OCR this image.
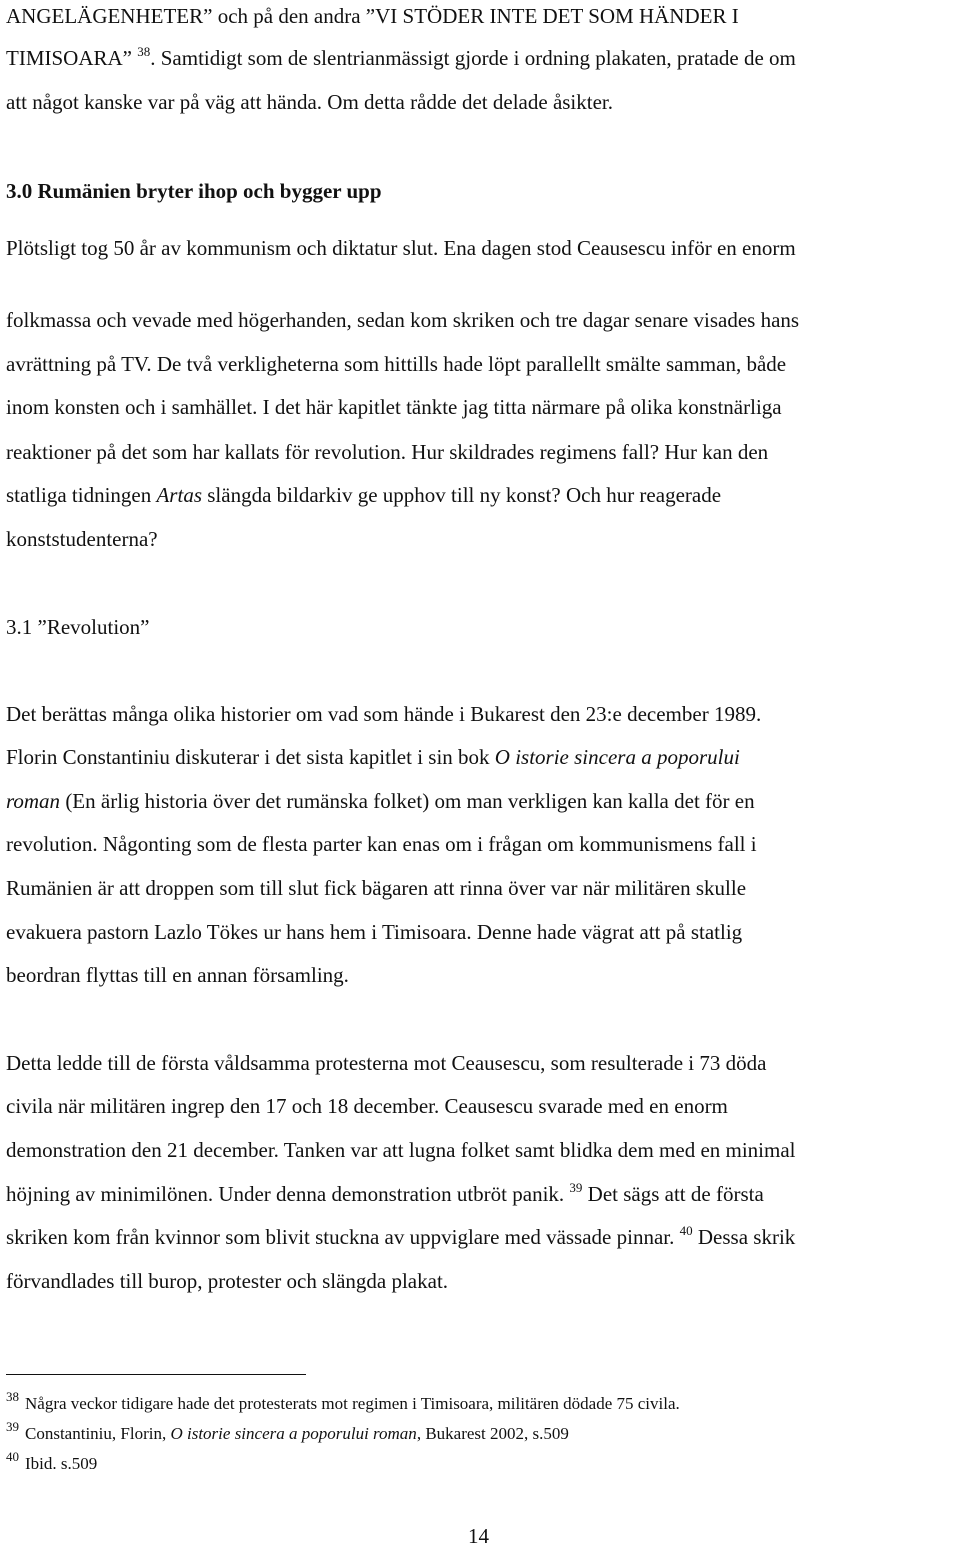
ANGELÄGENHETER” och på den andra ”VI STÖDER INTE DET SOM HÄNDER I
TIMISOARA” $^{38}$. Samtidigt som de slentrianmässigt gjorde i ordning plakaten, pratade de om
att något kanske var på väg att hända. Om detta rådde det delade åsikter.
3.0 Rumänien bryter ihop och bygger upp
Plötsligt tog 50 år av kommunism och diktatur slut. Ena dagen stod Ceausescu inför en enorm
folkmassa och vevade med högerhanden, sedan kom skriken och tre dagar senare visades hans
avrättning på TV. De två verkligheterna som hittills hade löpt parallellt smälte samman, både
inom konsten och i samhället. I det här kapitlet tänkte jag titta närmare på olika konstnärliga
reaktioner på det som har kallats för revolution. Hur skildrades regimens fall? Hur kan den
statliga tidningen Artas slängda bildarkiv ge upphov till ny konst? Och hur reagerade
konststudenterna?
3.1 ”Revolution”
Det berättas många olika historier om vad som hände i Bukarest den 23:e december 1989.
Florin Constantiniu diskuterar i det sista kapitlet i sin bok O istorie sincera a poporului
roman (En ärlig historia över det rumänska folket) om man verkligen kan kalla det för en
revolution. Någonting som de flesta parter kan enas om i frågan om kommunismens fall i
Rumänien är att droppen som till slut fick bägaren att rinna över var när militären skulle
evakuera pastorn Lazlo Tökes ur hans hem i Timisoara. Denne hade vägrat att på statlig
beordran flyttas till en annan församling.
Detta ledde till de första våldsamma protesterna mot Ceausescu, som resulterade i 73 döda
civila när militären ingrep den 17 och 18 december. Ceausescu svarade med en enorm
demonstration den 21 december. Tanken var att lugna folket samt blidka dem med en minimal
höjning av minimilönen. Under denna demonstration utbröt panik. $^{39}$ Det sägs att de första
skriken kom från kvinnor som blivit stuckna av uppviglare med vässade pinnar. $^{40}$ Dessa skrik
förvandlades till burop, protester och slängda plakat.
$^{38}$ Några veckor tidigare hade det protesterats mot regimen i Timisoara, militären dödade 75 civila.
$^{39}$ Constantiniu, Florin, O istorie sincera a poporului roman, Bukarest 2002, s.509
$^{40}$ Ibid. s.509
14
